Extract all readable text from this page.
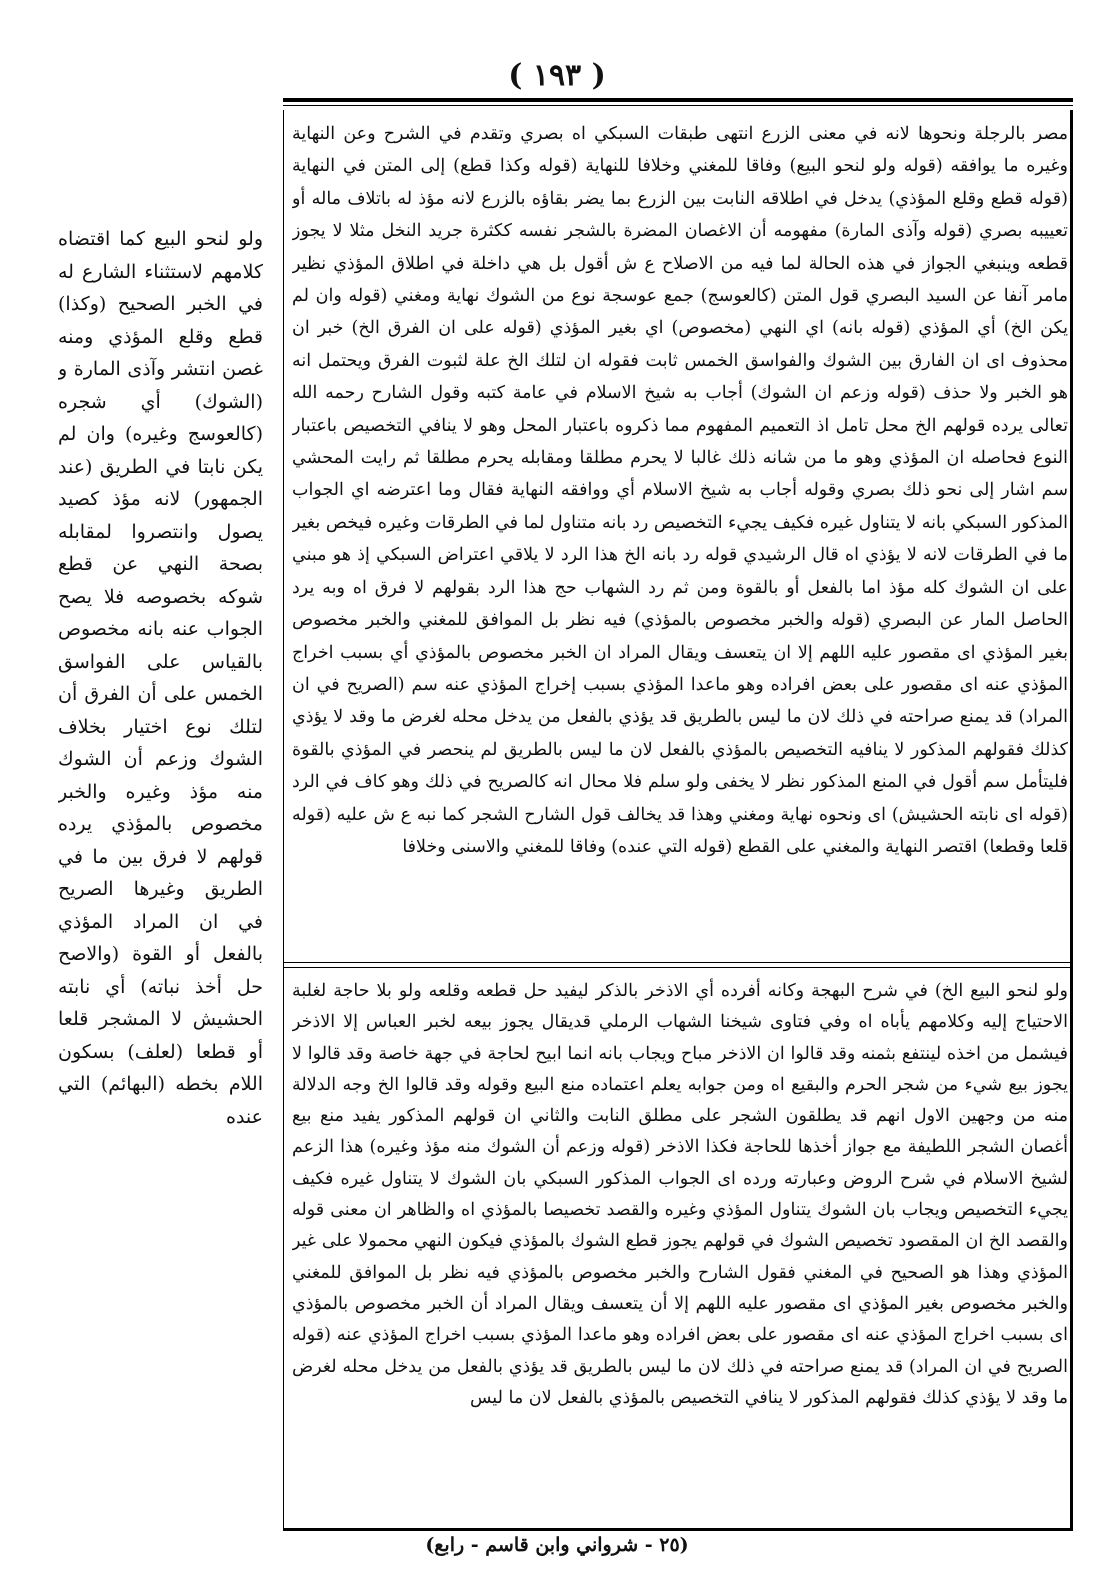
( ١٩٣ )

مصر بالرجلة ونحوها لانه في معنى الزرع انتهى طبقات السبكي اه بصري وتقدم في الشرح وعن النهاية وغيره ما يوافقه (قوله ولو لنحو البيع) وفاقا للمغني وخلافا للنهاية (قوله وكذا قطع) إلى المتن في النهاية (قوله قطع وقلع المؤذي) يدخل في اطلاقه النابت بين الزرع بما يضر بقاؤه بالزرع لانه مؤذ له باتلاف ماله أو تعييبه بصري (قوله وآذى المارة) مفهومه أن الاغصان المضرة بالشجر نفسه ككثرة جريد النخل مثلا لا يجوز قطعه وينبغي الجواز في هذه الحالة لما فيه من الاصلاح ع ش أقول بل هي داخلة في اطلاق المؤذي نظير مامر آنفا عن السيد البصري قول المتن (كالعوسج) جمع عوسجة نوع من الشوك نهاية ومغني (قوله وان لم يكن الخ) أي المؤذي (قوله بانه) اي النهي (مخصوص) اي بغير المؤذي (قوله على ان الفرق الخ) خبر ان محذوف اى ان الفارق بين الشوك والفواسق الخمس ثابت فقوله ان لتلك الخ علة لثبوت الفرق ويحتمل انه هو الخبر ولا حذف (قوله وزعم ان الشوك) أجاب به شيخ الاسلام في عامة كتبه وقول الشارح رحمه الله تعالى يرده قولهم الخ محل تامل اذ التعميم المفهوم مما ذكروه باعتبار المحل وهو لا ينافي التخصيص باعتبار النوع فحاصله ان المؤذي وهو ما من شانه ذلك غالبا لا يحرم مطلقا ومقابله يحرم مطلقا ثم رايت المحشي سم اشار إلى نحو ذلك بصري وقوله أجاب به شيخ الاسلام أي ووافقه النهاية فقال وما اعترضه اي الجواب المذكور السبكي بانه لا يتناول غيره فكيف يجيء التخصيص رد بانه متناول لما في الطرقات وغيره فيخص بغير ما في الطرقات لانه لا يؤذي اه قال الرشيدي قوله رد بانه الخ هذا الرد لا يلاقي اعتراض السبكي إذ هو مبني على ان الشوك كله مؤذ اما بالفعل أو بالقوة ومن ثم رد الشهاب حج هذا الرد بقولهم لا فرق اه وبه يرد الحاصل المار عن البصري (قوله والخبر مخصوص بالمؤذي) فيه نظر بل الموافق للمغني والخبر مخصوص بغير المؤذي اى مقصور عليه اللهم إلا ان يتعسف ويقال المراد ان الخبر مخصوص بالمؤذي أي بسبب اخراج المؤذي عنه اى مقصور على بعض افراده وهو ماعدا المؤذي بسبب إخراج المؤذي عنه سم (الصريح في ان المراد) قد يمنع صراحته في ذلك لان ما ليس بالطريق قد يؤذي بالفعل من يدخل محله لغرض ما وقد لا يؤذي كذلك فقولهم المذكور لا ينافيه التخصيص بالمؤذي بالفعل لان ما ليس بالطريق لم ينحصر في المؤذي بالقوة فليتأمل سم أقول في المنع المذكور نظر لا يخفى ولو سلم فلا محال انه كالصريح في ذلك وهو كاف في الرد (قوله اى نابته الحشيش) اى ونحوه نهاية ومغني وهذا قد يخالف قول الشارح الشجر كما نبه ع ش عليه (قوله قلعا وقطعا) اقتصر النهاية والمغني على القطع (قوله التي عنده) وفاقا للمغني والاسنى وخلافا

ولو لنحو البيع الخ) في شرح البهجة وكانه أفرده أي الاذخر بالذكر ليفيد حل قطعه وقلعه ولو بلا حاجة لغلبة الاحتياج إليه وكلامهم يأباه اه وفي فتاوى شيخنا الشهاب الرملي قديقال يجوز بيعه لخبر العباس إلا الاذخر فيشمل من اخذه لينتفع بثمنه وقد قالوا ان الاذخر مباح ويجاب بانه انما ابيح لحاجة في جهة خاصة وقد قالوا لا يجوز بيع شيء من شجر الحرم والبقيع اه ومن جوابه يعلم اعتماده منع البيع وقوله وقد قالوا الخ وجه الدلالة منه من وجهين الاول انهم قد يطلقون الشجر على مطلق النابت والثاني ان قولهم المذكور يفيد منع بيع أغصان الشجر اللطيفة مع جواز أخذها للحاجة فكذا الاذخر (قوله وزعم أن الشوك منه مؤذ وغيره) هذا الزعم لشيخ الاسلام في شرح الروض وعبارته ورده اى الجواب المذكور السبكي بان الشوك لا يتناول غيره فكيف يجيء التخصيص ويجاب بان الشوك يتناول المؤذي وغيره والقصد تخصيصا بالمؤذي اه والظاهر ان معنى قوله والقصد الخ ان المقصود تخصيص الشوك في قولهم يجوز قطع الشوك بالمؤذي فيكون النهي محمولا على غير المؤذي وهذا هو الصحيح في المغني فقول الشارح والخبر مخصوص بالمؤذي فيه نظر بل الموافق للمغني والخبر مخصوص بغير المؤذي اى مقصور عليه اللهم إلا أن يتعسف ويقال المراد أن الخبر مخصوص بالمؤذي اى بسبب اخراج المؤذي عنه اى مقصور على بعض افراده وهو ماعدا المؤذي بسبب اخراج المؤذي عنه (قوله الصريح في ان المراد) قد يمنع صراحته في ذلك لان ما ليس بالطريق قد يؤذي بالفعل من يدخل محله لغرض ما وقد لا يؤذي كذلك فقولهم المذكور لا ينافي التخصيص بالمؤذي بالفعل لان ما ليس

ولو لنحو البيع كما اقتضاه كلامهم لاستثناء الشارع له في الخبر الصحيح (وكذا) قطع وقلع المؤذي ومنه غصن انتشر وآذى المارة و (الشوك) أي شجره (كالعوسج وغيره) وان لم يكن نابتا في الطريق (عند الجمهور) لانه مؤذ كصيد يصول وانتصروا لمقابله بصحة النهي عن قطع شوكه بخصوصه فلا يصح الجواب عنه بانه مخصوص بالقياس على الفواسق الخمس على أن الفرق أن لتلك نوع اختيار بخلاف الشوك وزعم أن الشوك منه مؤذ وغيره والخبر مخصوص بالمؤذي يرده قولهم لا فرق بين ما في الطريق وغيرها الصريح في ان المراد المؤذي بالفعل أو القوة (والاصح حل أخذ نباته) أي نابته الحشيش لا المشجر قلعا أو قطعا (لعلف) بسكون اللام بخطه (البهائم) التي عنده

(٢٥ - شرواني وابن قاسم - رابع)
